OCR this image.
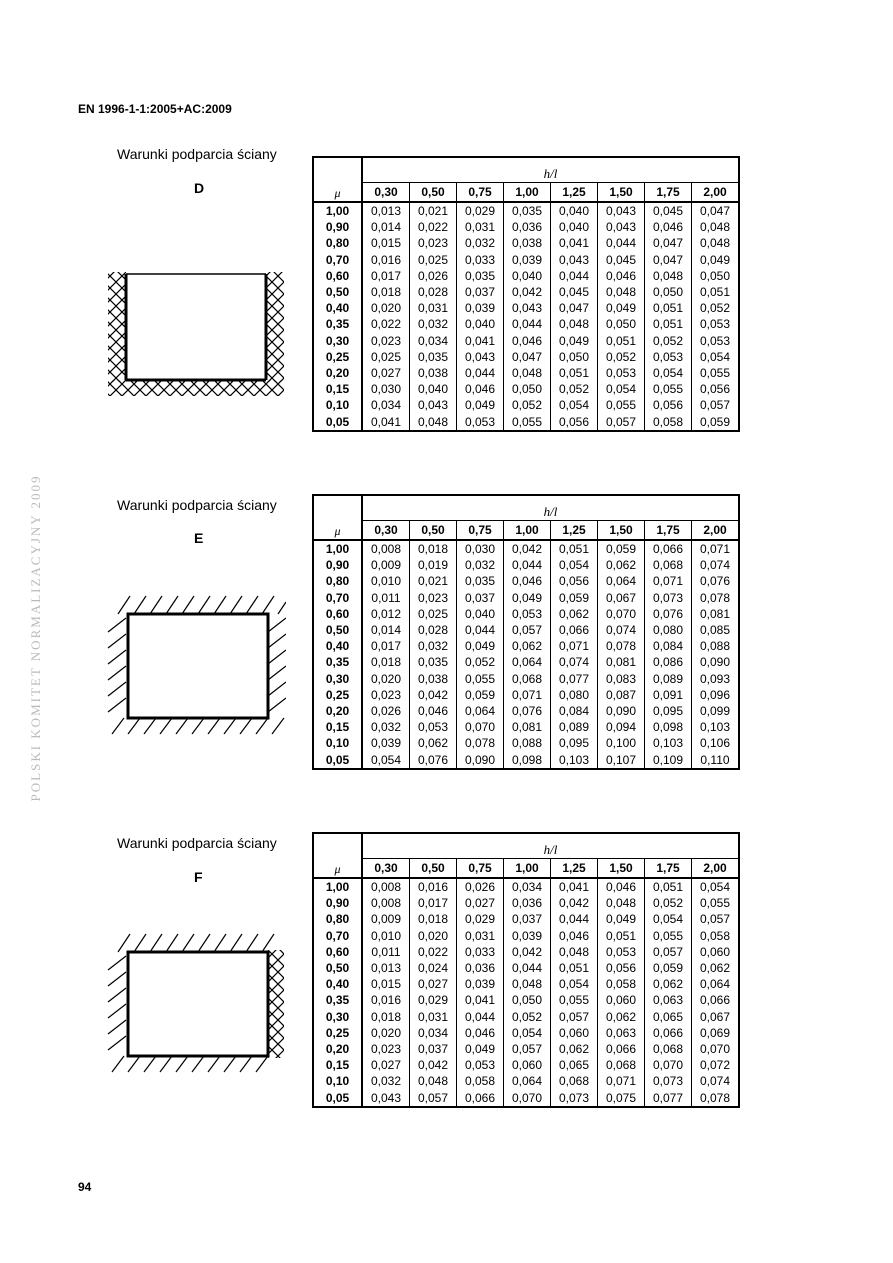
EN 1996-1-1:2005+AC:2009
POLSKI KOMITET NORMALIZACYJNY 2009
Warunki podparcia ściany
D	μ	h/l							
	0,30	0,50	0,75	1,00	1,25	1,50	1,75	2,00
1,00	0,013	0,021	0,029	0,035	0,040	0,043	0,045	0,047
0,90	0,014	0,022	0,031	0,036	0,040	0,043	0,046	0,048
0,80	0,015	0,023	0,032	0,038	0,041	0,044	0,047	0,048
0,70	0,016	0,025	0,033	0,039	0,043	0,045	0,047	0,049
0,60	0,017	0,026	0,035	0,040	0,044	0,046	0,048	0,050
0,50	0,018	0,028	0,037	0,042	0,045	0,048	0,050	0,051
0,40	0,020	0,031	0,039	0,043	0,047	0,049	0,051	0,052
0,35	0,022	0,032	0,040	0,044	0,048	0,050	0,051	0,053
0,30	0,023	0,034	0,041	0,046	0,049	0,051	0,052	0,053
0,25	0,025	0,035	0,043	0,047	0,050	0,052	0,053	0,054
0,20	0,027	0,038	0,044	0,048	0,051	0,053	0,054	0,055
0,15	0,030	0,040	0,046	0,050	0,052	0,054	0,055	0,056
0,10	0,034	0,043	0,049	0,052	0,054	0,055	0,056	0,057
0,05	0,041	0,048	0,053	0,055	0,056	0,057	0,058	0,059
Warunki podparcia ściany
E	μ	h/l							
	0,30	0,50	0,75	1,00	1,25	1,50	1,75	2,00
1,00	0,008	0,018	0,030	0,042	0,051	0,059	0,066	0,071
0,90	0,009	0,019	0,032	0,044	0,054	0,062	0,068	0,074
0,80	0,010	0,021	0,035	0,046	0,056	0,064	0,071	0,076
0,70	0,011	0,023	0,037	0,049	0,059	0,067	0,073	0,078
0,60	0,012	0,025	0,040	0,053	0,062	0,070	0,076	0,081
0,50	0,014	0,028	0,044	0,057	0,066	0,074	0,080	0,085
0,40	0,017	0,032	0,049	0,062	0,071	0,078	0,084	0,088
0,35	0,018	0,035	0,052	0,064	0,074	0,081	0,086	0,090
0,30	0,020	0,038	0,055	0,068	0,077	0,083	0,089	0,093
0,25	0,023	0,042	0,059	0,071	0,080	0,087	0,091	0,096
0,20	0,026	0,046	0,064	0,076	0,084	0,090	0,095	0,099
0,15	0,032	0,053	0,070	0,081	0,089	0,094	0,098	0,103
0,10	0,039	0,062	0,078	0,088	0,095	0,100	0,103	0,106
0,05	0,054	0,076	0,090	0,098	0,103	0,107	0,109	0,110
Warunki podparcia ściany
F	μ	h/l							
	0,30	0,50	0,75	1,00	1,25	1,50	1,75	2,00
1,00	0,008	0,016	0,026	0,034	0,041	0,046	0,051	0,054
0,90	0,008	0,017	0,027	0,036	0,042	0,048	0,052	0,055
0,80	0,009	0,018	0,029	0,037	0,044	0,049	0,054	0,057
0,70	0,010	0,020	0,031	0,039	0,046	0,051	0,055	0,058
0,60	0,011	0,022	0,033	0,042	0,048	0,053	0,057	0,060
0,50	0,013	0,024	0,036	0,044	0,051	0,056	0,059	0,062
0,40	0,015	0,027	0,039	0,048	0,054	0,058	0,062	0,064
0,35	0,016	0,029	0,041	0,050	0,055	0,060	0,063	0,066
0,30	0,018	0,031	0,044	0,052	0,057	0,062	0,065	0,067
0,25	0,020	0,034	0,046	0,054	0,060	0,063	0,066	0,069
0,20	0,023	0,037	0,049	0,057	0,062	0,066	0,068	0,070
0,15	0,027	0,042	0,053	0,060	0,065	0,068	0,070	0,072
0,10	0,032	0,048	0,058	0,064	0,068	0,071	0,073	0,074
0,05	0,043	0,057	0,066	0,070	0,073	0,075	0,077	0,078
94
